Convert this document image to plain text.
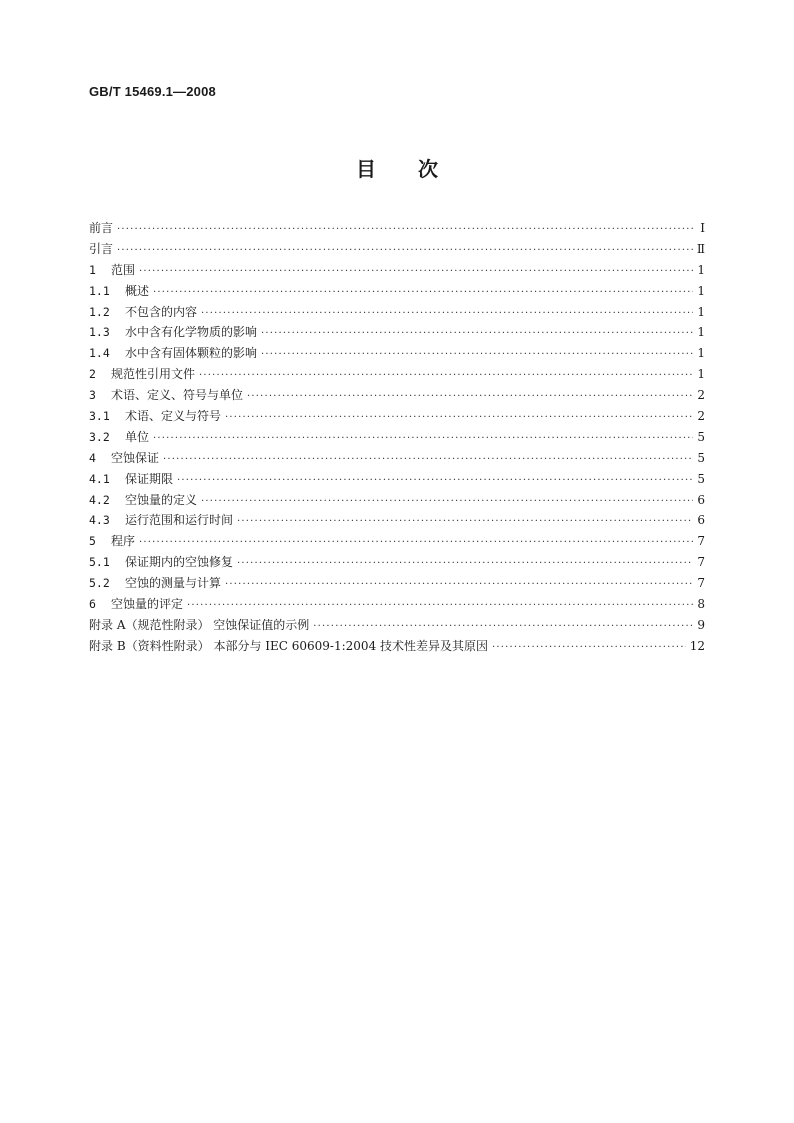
GB/T 15469.1—2008
目 次
前言 ·····	Ⅰ
引言 ·····	Ⅱ
1 范围 ·····	1
1.1 概述 ·····	1
1.2 不包含的内容 ·····	1
1.3 水中含有化学物质的影响 ·····	1
1.4 水中含有固体颗粒的影响 ·····	1
2 规范性引用文件 ·····	1
3 术语、定义、符号与单位 ·····	2
3.1 术语、定义与符号 ·····	2
3.2 单位 ·····	5
4 空蚀保证 ·····	5
4.1 保证期限 ·····	5
4.2 空蚀量的定义 ·····	6
4.3 运行范围和运行时间 ·····	6
5 程序 ·····	7
5.1 保证期内的空蚀修复 ·····	7
5.2 空蚀的测量与计算 ·····	7
6 空蚀量的评定 ·····	8
附录 A（规范性附录） 空蚀保证值的示例 ·····	9
附录 B（资料性附录） 本部分与 IEC 60609-1:2004 技术性差异及其原因 ·····	12
